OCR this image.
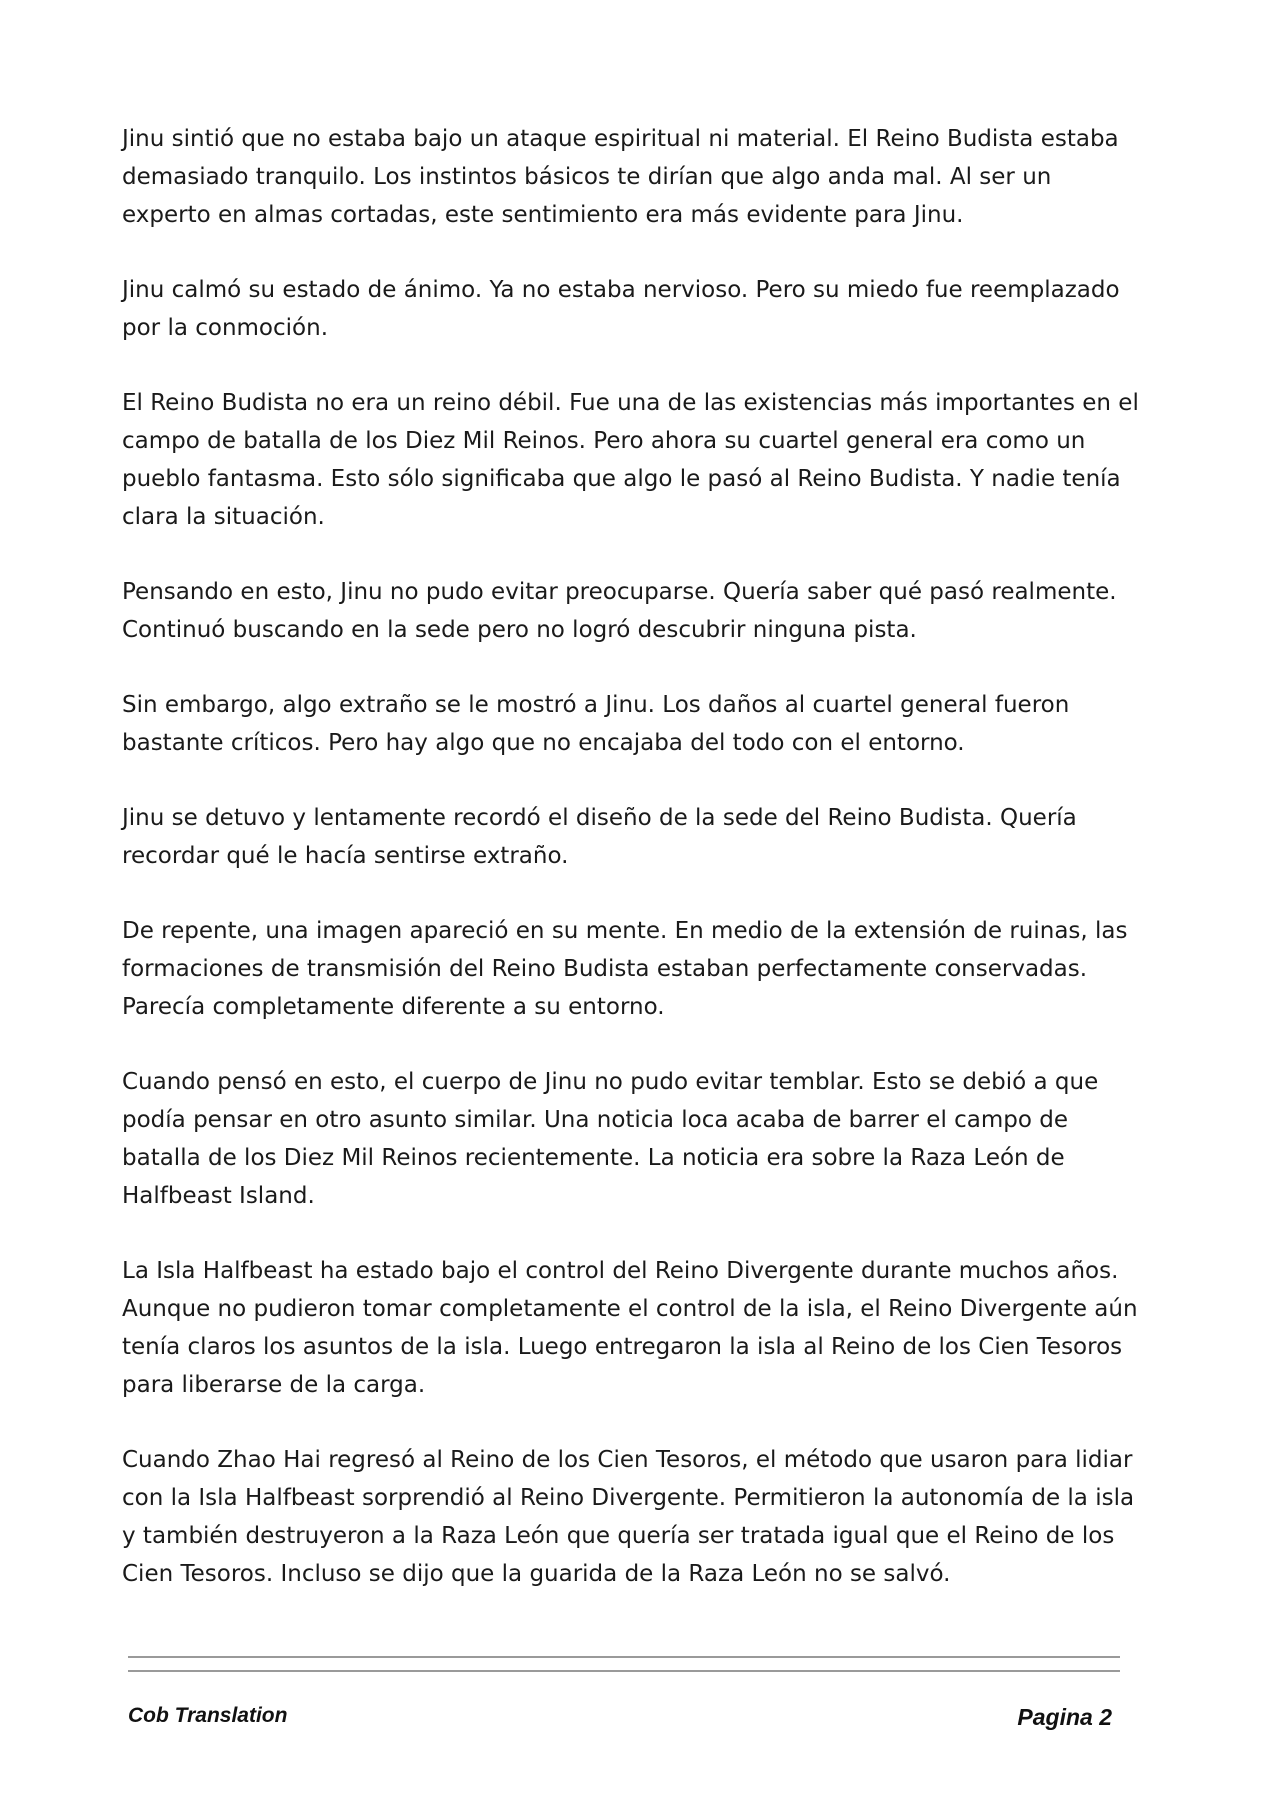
Jinu sintió que no estaba bajo un ataque espiritual ni material. El Reino Budista estaba demasiado tranquilo. Los instintos básicos te dirían que algo anda mal. Al ser un experto en almas cortadas, este sentimiento era más evidente para Jinu.

Jinu calmó su estado de ánimo. Ya no estaba nervioso. Pero su miedo fue reemplazado por la conmoción.

El Reino Budista no era un reino débil. Fue una de las existencias más importantes en el campo de batalla de los Diez Mil Reinos. Pero ahora su cuartel general era como un pueblo fantasma. Esto sólo significaba que algo le pasó al Reino Budista. Y nadie tenía clara la situación.

Pensando en esto, Jinu no pudo evitar preocuparse. Quería saber qué pasó realmente. Continuó buscando en la sede pero no logró descubrir ninguna pista.

Sin embargo, algo extraño se le mostró a Jinu. Los daños al cuartel general fueron bastante críticos. Pero hay algo que no encajaba del todo con el entorno.

Jinu se detuvo y lentamente recordó el diseño de la sede del Reino Budista. Quería recordar qué le hacía sentirse extraño.

De repente, una imagen apareció en su mente. En medio de la extensión de ruinas, las formaciones de transmisión del Reino Budista estaban perfectamente conservadas. Parecía completamente diferente a su entorno.

Cuando pensó en esto, el cuerpo de Jinu no pudo evitar temblar. Esto se debió a que podía pensar en otro asunto similar. Una noticia loca acaba de barrer el campo de batalla de los Diez Mil Reinos recientemente. La noticia era sobre la Raza León de Halfbeast Island.

La Isla Halfbeast ha estado bajo el control del Reino Divergente durante muchos años. Aunque no pudieron tomar completamente el control de la isla, el Reino Divergente aún tenía claros los asuntos de la isla. Luego entregaron la isla al Reino de los Cien Tesoros para liberarse de la carga.

Cuando Zhao Hai regresó al Reino de los Cien Tesoros, el método que usaron para lidiar con la Isla Halfbeast sorprendió al Reino Divergente. Permitieron la autonomía de la isla y también destruyeron a la Raza León que quería ser tratada igual que el Reino de los Cien Tesoros. Incluso se dijo que la guarida de la Raza León no se salvó.

Cob Translation	Pagina 2
